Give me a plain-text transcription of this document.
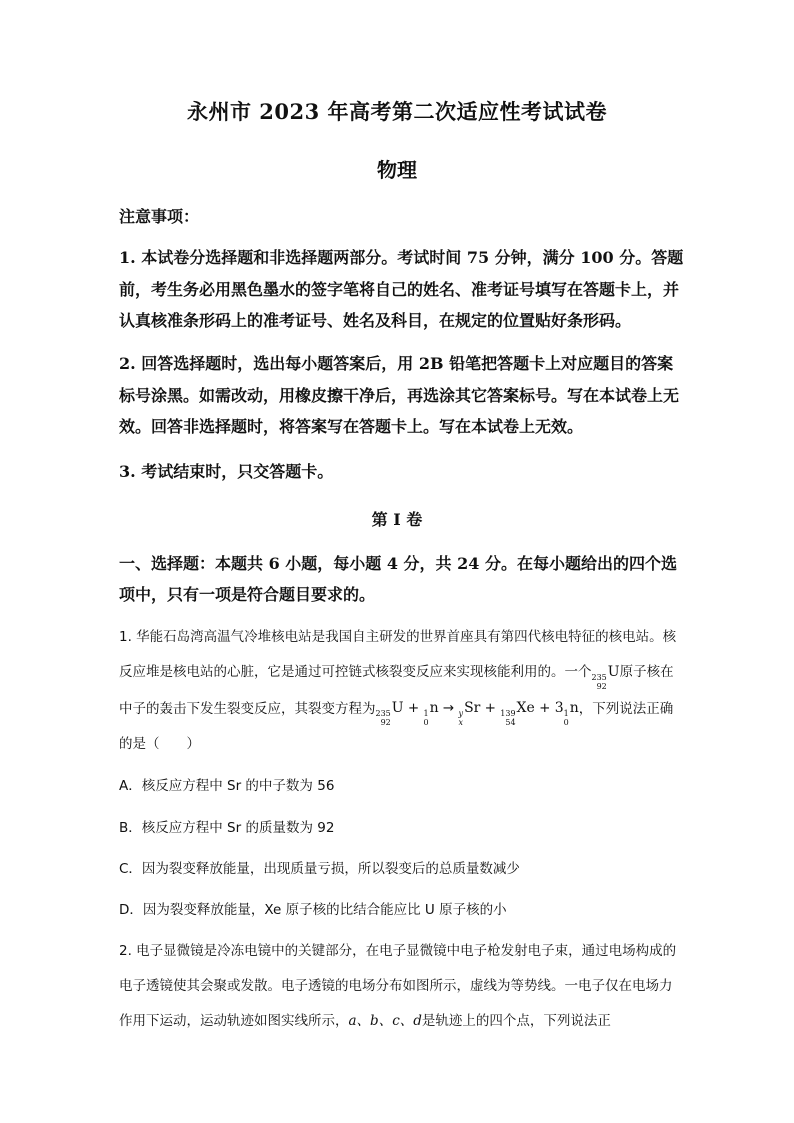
永州市 2023 年高考第二次适应性考试试卷
物理
注意事项：
1. 本试卷分选择题和非选择题两部分。考试时间 75 分钟，满分 100 分。答题前，考生务必用黑色墨水的签字笔将自己的姓名、准考证号填写在答题卡上，并认真核准条形码上的准考证号、姓名及科目，在规定的位置贴好条形码。
2. 回答选择题时，选出每小题答案后，用 2B 铅笔把答题卡上对应题目的答案标号涂黑。如需改动，用橡皮擦干净后，再选涂其它答案标号。写在本试卷上无效。回答非选择题时，将答案写在答题卡上。写在本试卷上无效。
3. 考试结束时，只交答题卡。
第 I 卷
一、选择题：本题共 6 小题，每小题 4 分，共 24 分。在每小题给出的四个选项中，只有一项是符合题目要求的。
1. 华能石岛湾高温气冷堆核电站是我国自主研发的世界首座具有第四代核电特征的核电站。核反应堆是核电站的心脏，它是通过可控链式核裂变反应来实现核能利用的。一个 235
92
U原子核在中子的轰击下发生裂变反应，其裂变方程为 235
92
U + 1
0
n → y
x
Sr + 139
54
Xe + 3 1
0
n，下列说法正确的是（　　）
A．核反应方程中 Sr 的中子数为 56
B．核反应方程中 Sr 的质量数为 92
C．因为裂变释放能量，出现质量亏损，所以裂变后的总质量数减少
D．因为裂变释放能量，Xe 原子核的比结合能应比 U 原子核的小
2. 电子显微镜是冷冻电镜中的关键部分，在电子显微镜中电子枪发射电子束，通过电场构成的电子透镜使其会聚或发散。电子透镜的电场分布如图所示，虚线为等势线。一电子仅在电场力作用下运动，运动轨迹如图实线所示，a、b、c、d是轨迹上的四个点，下列说法正
